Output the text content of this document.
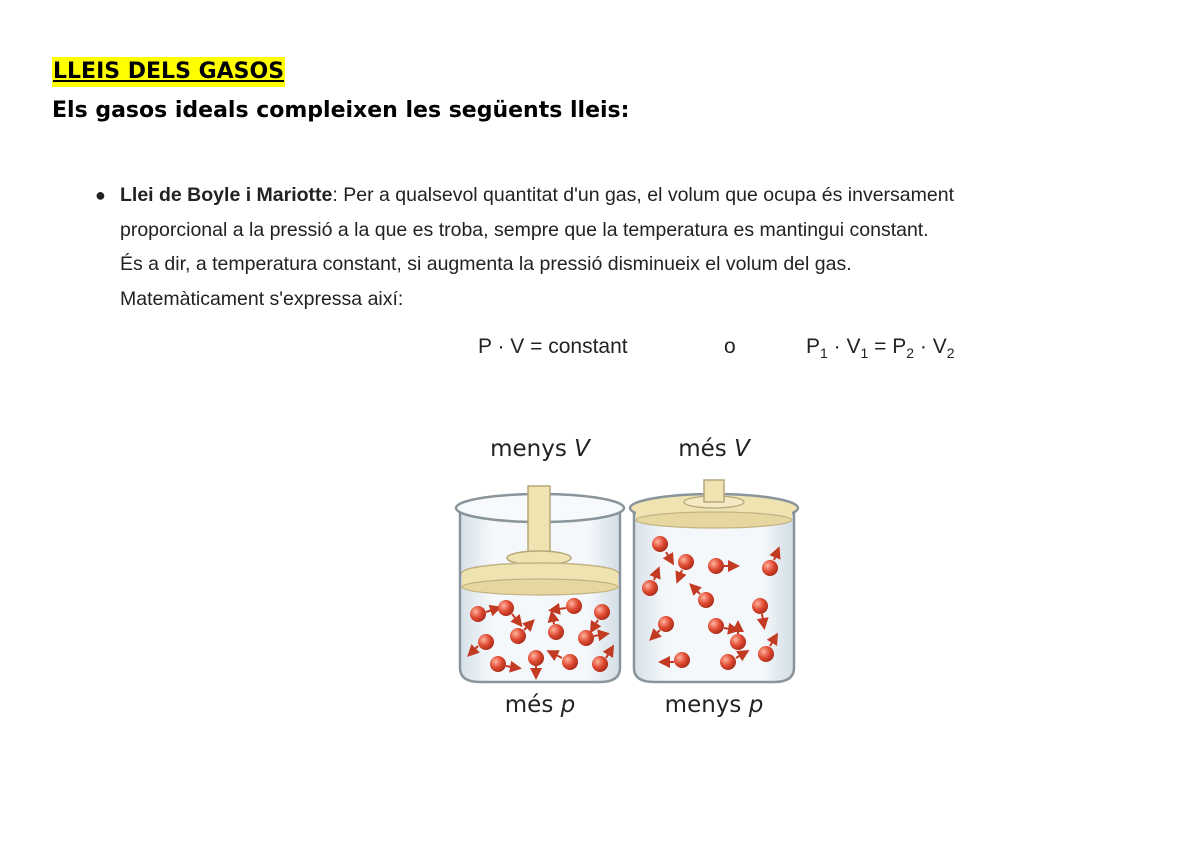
LLEIS DELS GASOS
Els gasos ideals compleixen les següents lleis:
● Llei de Boyle i Mariotte: Per a qualsevol quantitat d'un gas, el volum que ocupa és inversament
proporcional a la pressió a la que es troba, sempre que la temperatura es mantingui constant.
És a dir, a temperatura constant, si augmenta la pressió disminueix el volum del gas.
Matemàticament s'expressa així:
P · V = constant	o	$P_1 \cdot V_1 = P_2 \cdot V_2$
menys V	més V
més p	menys p
